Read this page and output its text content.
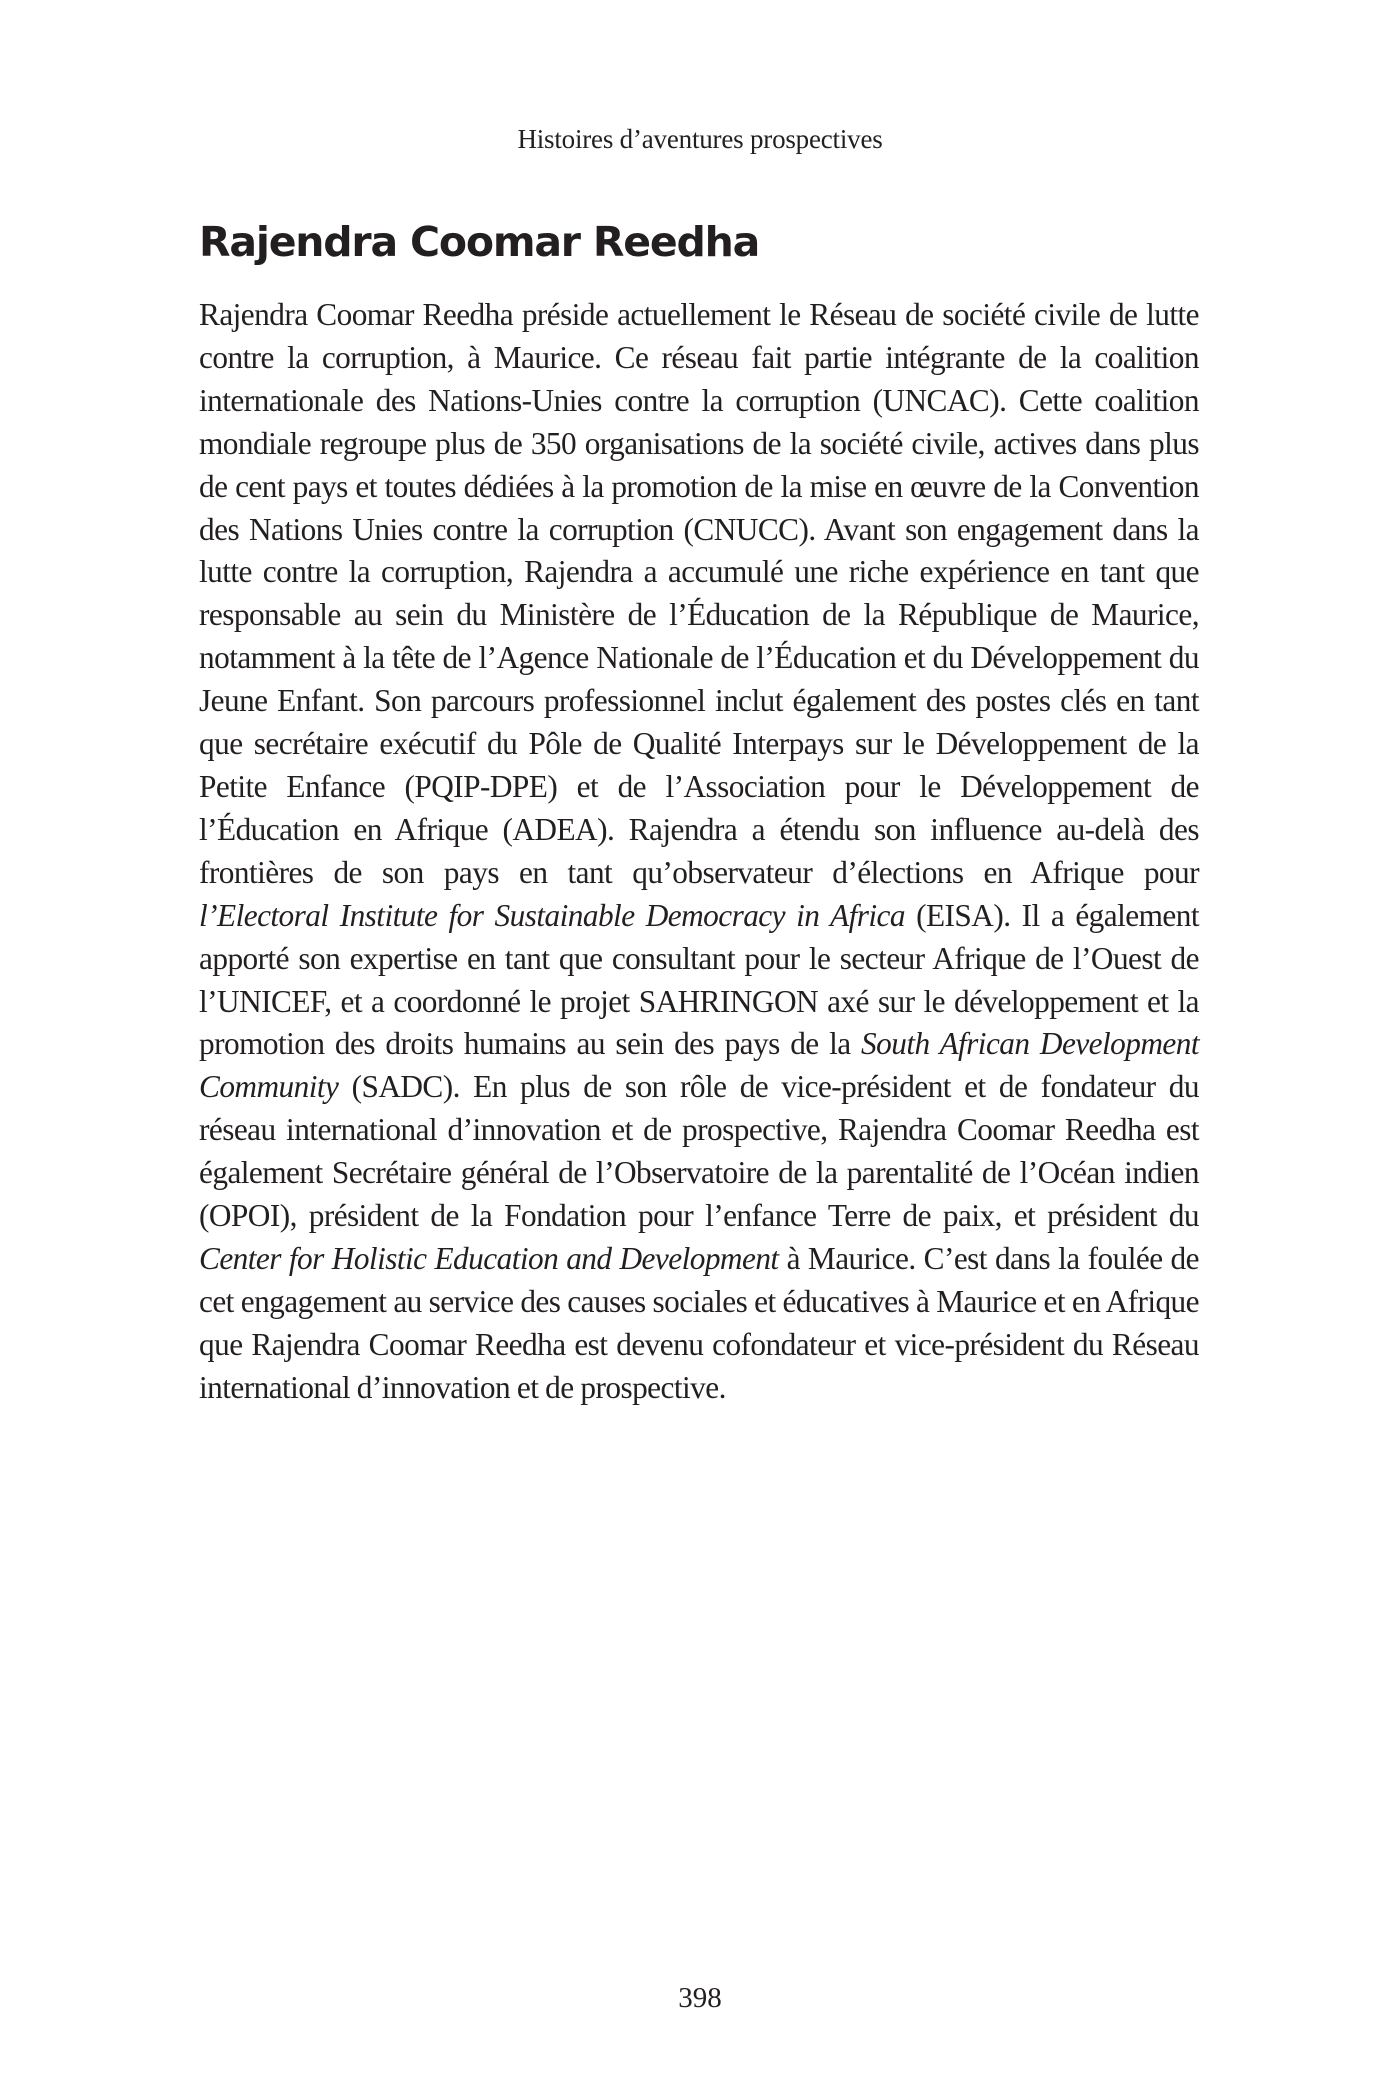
Histoires d’aventures prospectives
Rajendra Coomar Reedha

Rajendra Coomar Reedha préside actuellement le Réseau de société civile de lutte contre la corruption, à Maurice. Ce réseau fait partie intégrante de la coalition internationale des Nations-Unies contre la corruption (UNCAC). Cette coalition mondiale regroupe plus de 350 organisations de la société civile, actives dans plus de cent pays et toutes dédiées à la promotion de la mise en œuvre de la Convention des Nations Unies contre la corruption (CNUCC). Avant son engagement dans la lutte contre la corruption, Rajendra a accumulé une riche expérience en tant que responsable au sein du Ministère de l’Éducation de la République de Maurice, notamment à la tête de l’Agence Nationale de l’Éducation et du Développement du Jeune Enfant. Son parcours professionnel inclut également des postes clés en tant que secrétaire exécutif du Pôle de Qualité Interpays sur le Développement de la Petite Enfance (PQIP-DPE) et de l’Association pour le Développement de l’Éducation en Afrique (ADEA). Rajendra a étendu son influence au-delà des frontières de son pays en tant qu’observateur d’élections en Afrique pour l’Electoral Institute for Sustainable Democracy in Africa (EISA). Il a également apporté son expertise en tant que consultant pour le secteur Afrique de l’Ouest de l’UNICEF, et a coordonné le projet SAHRINGON axé sur le développement et la promotion des droits humains au sein des pays de la South African Development Community (SADC). En plus de son rôle de vice-président et de fondateur du réseau international d’innovation et de prospective, Rajendra Coomar Reedha est également Secrétaire général de l’Observatoire de la parentalité de l’Océan indien (OPOI), président de la Fondation pour l’enfance Terre de paix, et président du Center for Holistic Education and Development à Maurice. C’est dans la foulée de cet engagement au service des causes sociales et éducatives à Maurice et en Afrique que Rajendra Coomar Reedha est devenu cofondateur et vice-président du Réseau international d’innovation et de prospective.

398
